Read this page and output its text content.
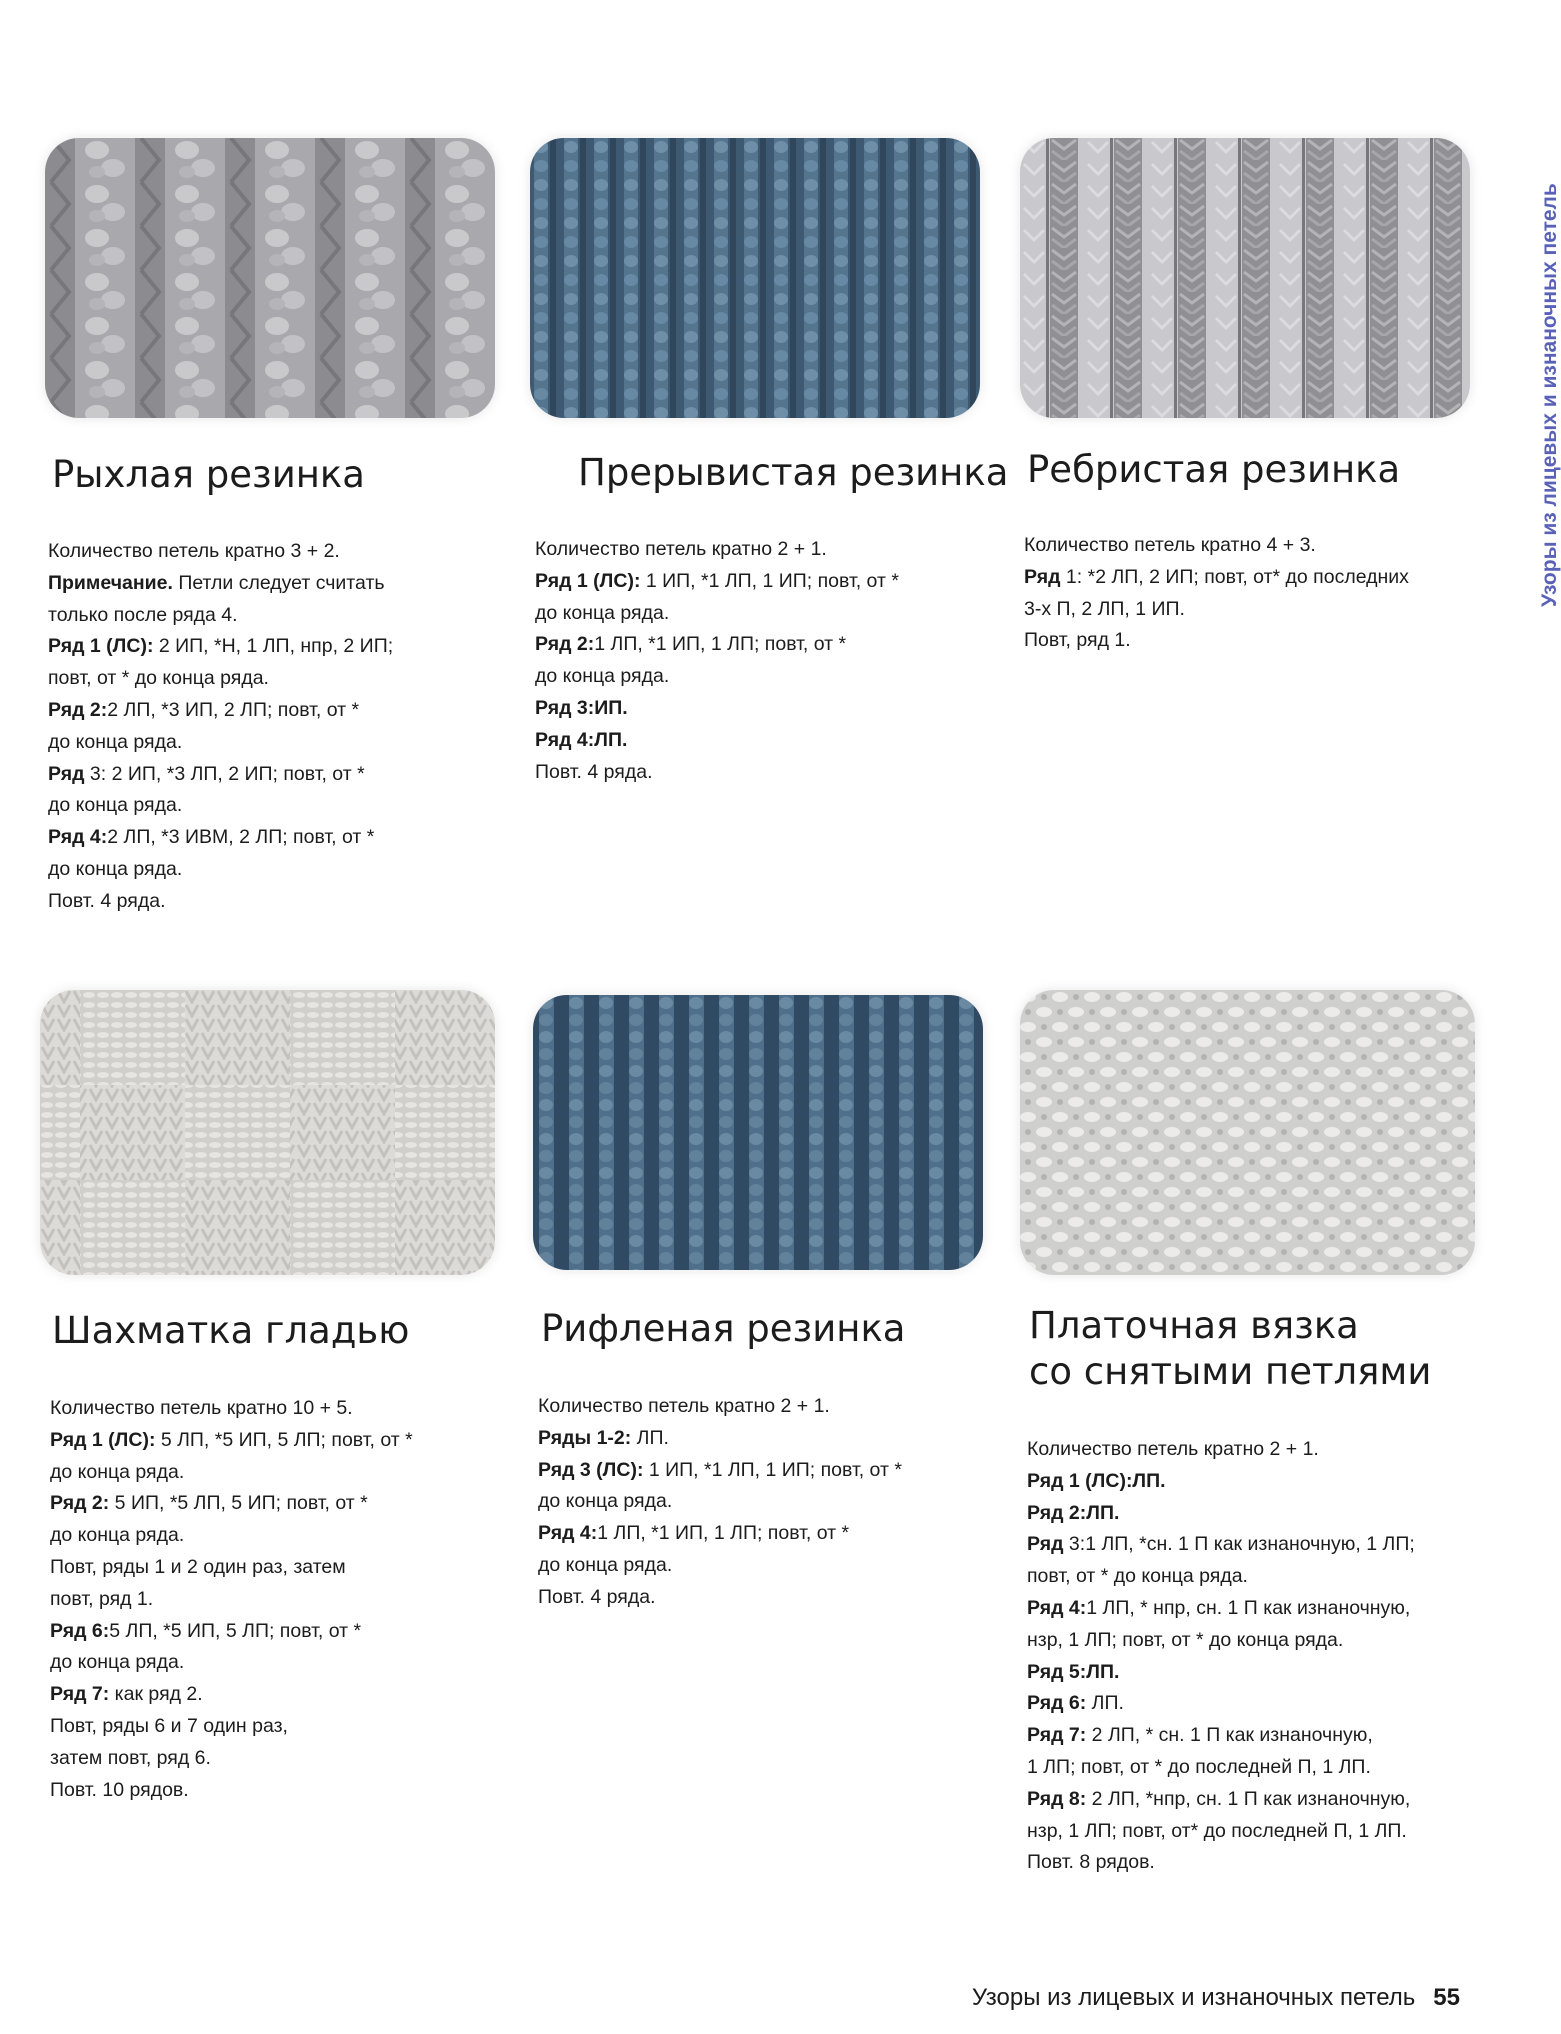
Узоры из лицевых и изнаночных петель
Рыхлая резинка	Прерывистая резинка Ребристая резинка
Шахматка гладью	Рифленая резинка	Платочная вязка
со снятыми петлями

Количество петель кратно 3 + 2.

Примечание. Петли следует считать

только после ряда 4.

Ряд 1 (ЛС): 2 ИП, *Н, 1 ЛП, нпр, 2 ИП;

повт, от * до конца ряда.

Ряд 2:2 ЛП, *3 ИП, 2 ЛП; повт, от *

до конца ряда.

Ряд 3: 2 ИП, *3 ЛП, 2 ИП; повт, от *

до конца ряда.

Ряд 4:2 ЛП, *3 ИВМ, 2 ЛП; повт, от *

до конца ряда.

Повт. 4 ряда.

Количество петель кратно 2 + 1.

Ряд 1 (ЛС): 1 ИП, *1 ЛП, 1 ИП; повт, от *

до конца ряда.

Ряд 2:1 ЛП, *1 ИП, 1 ЛП; повт, от *

до конца ряда.

Ряд 3:ИП.

Ряд 4:ЛП.

Повт. 4 ряда.

Количество петель кратно 4 + 3.

Ряд 1: *2 ЛП, 2 ИП; повт, от* до последних

3-х П, 2 ЛП, 1 ИП.

Повт, ряд 1.

Количество петель кратно 10 + 5.

Ряд 1 (ЛС): 5 ЛП, *5 ИП, 5 ЛП; повт, от *

до конца ряда.

Ряд 2: 5 ИП, *5 ЛП, 5 ИП; повт, от *

до конца ряда.

Повт, ряды 1 и 2 один раз, затем

повт, ряд 1.

Ряд 6:5 ЛП, *5 ИП, 5 ЛП; повт, от *

до конца ряда.

Ряд 7: как ряд 2.

Повт, ряды 6 и 7 один раз,

затем повт, ряд 6.

Повт. 10 рядов.

Количество петель кратно 2 + 1.

Ряды 1-2: ЛП.

Ряд 3 (ЛС): 1 ИП, *1 ЛП, 1 ИП; повт, от *

до конца ряда.

Ряд 4:1 ЛП, *1 ИП, 1 ЛП; повт, от *

до конца ряда.

Повт. 4 ряда.

Количество петель кратно 2 + 1.

Ряд 1 (ЛС):ЛП.

Ряд 2:ЛП.

Ряд 3:1 ЛП, *сн. 1 П как изнаночную, 1 ЛП;

повт, от * до конца ряда.

Ряд 4:1 ЛП, * нпр, сн. 1 П как изнаночную,

нзр, 1 ЛП; повт, от * до конца ряда.

Ряд 5:ЛП.

Ряд 6: ЛП.

Ряд 7: 2 ЛП, * сн. 1 П как изнаночную,

1 ЛП; повт, от * до последней П, 1 ЛП.

Ряд 8: 2 ЛП, *нпр, сн. 1 П как изнаночную,

нзр, 1 ЛП; повт, от* до последней П, 1 ЛП.

Повт. 8 рядов.

Узоры из лицевых и изнаночных петель 55
